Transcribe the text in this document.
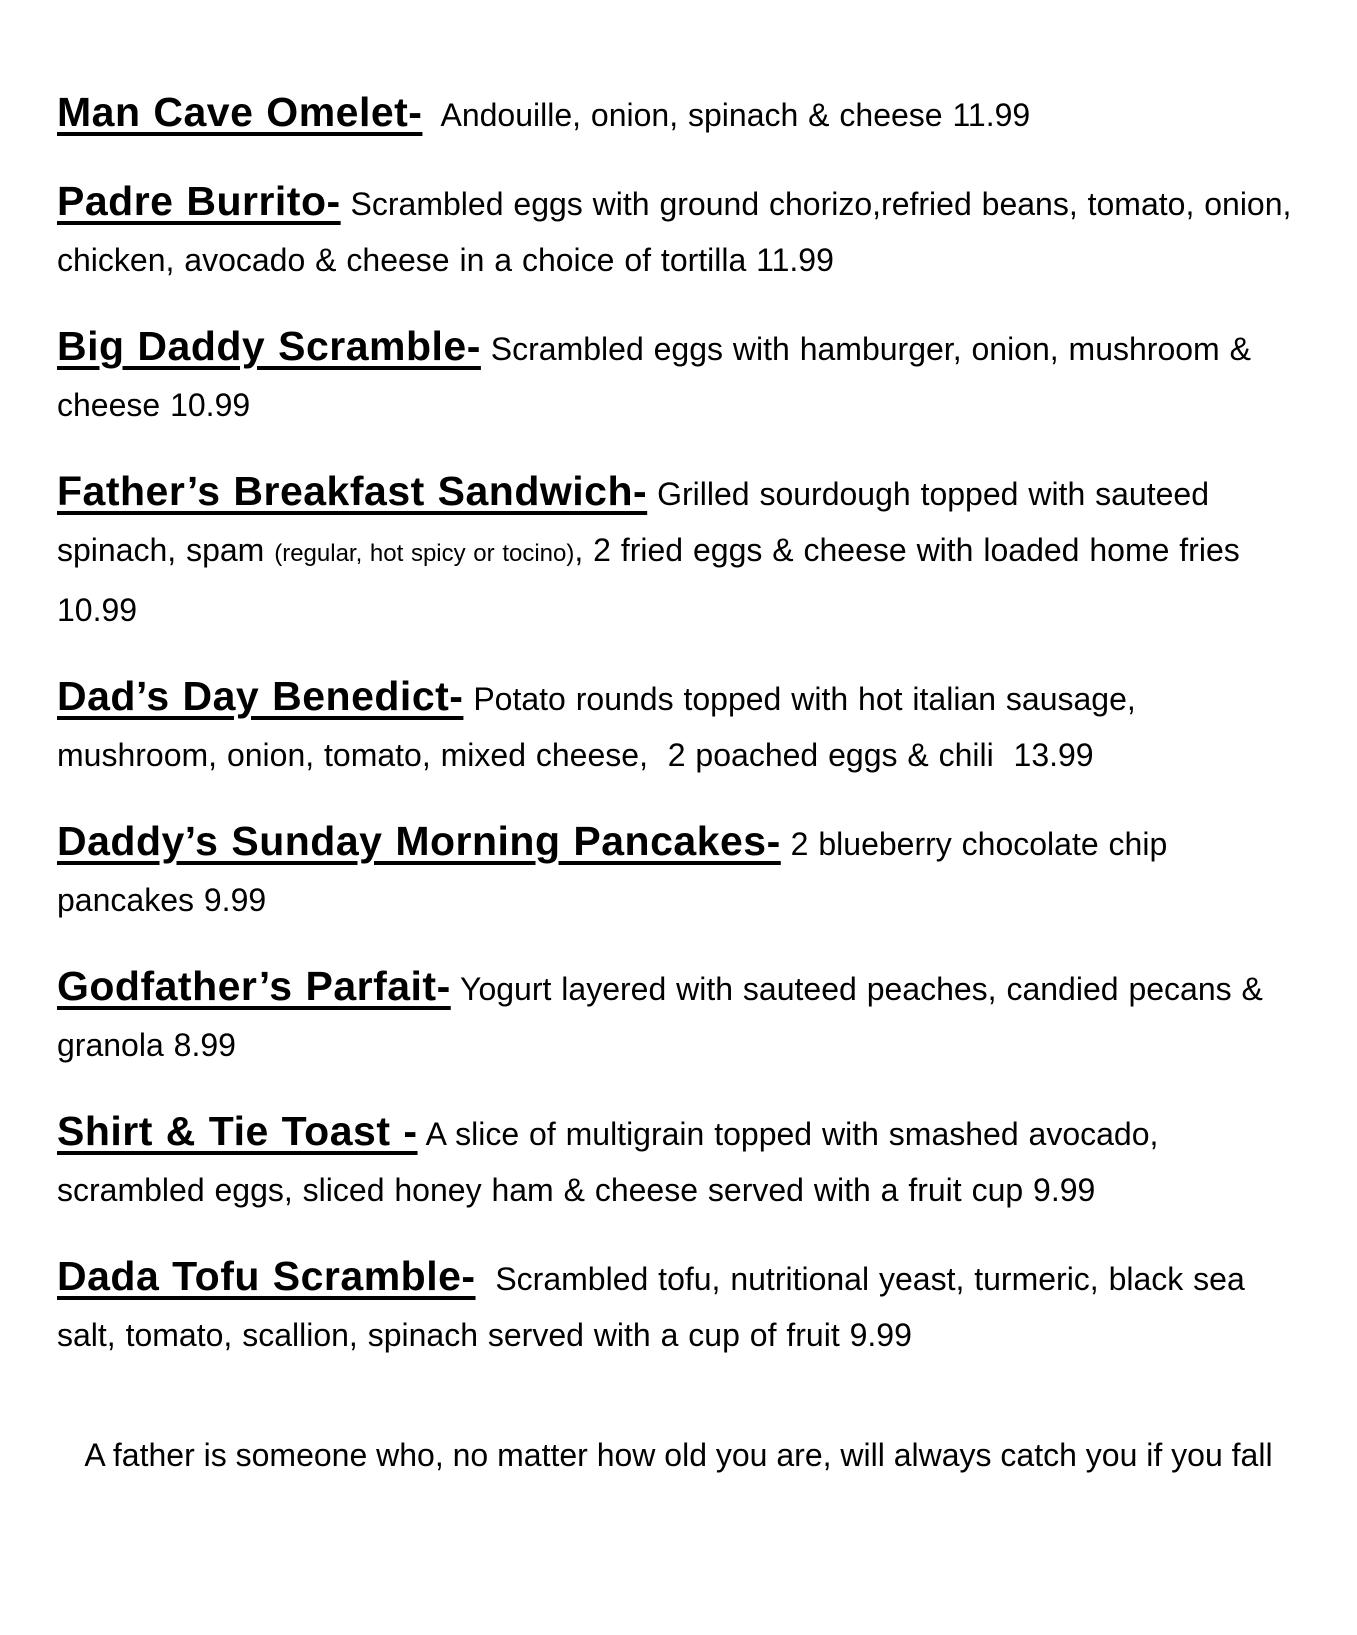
Man Cave Omelet-  Andouille, onion, spinach & cheese 11.99

Padre Burrito- Scrambled eggs with ground chorizo,refried beans, tomato, onion, chicken, avocado & cheese in a choice of tortilla 11.99

Big Daddy Scramble- Scrambled eggs with hamburger, onion, mushroom & cheese 10.99

Father’s Breakfast Sandwich- Grilled sourdough topped with sauteed spinach, spam (regular, hot spicy or tocino), 2 fried eggs & cheese with loaded home fries 10.99

Dad’s Day Benedict- Potato rounds topped with hot italian sausage, mushroom, onion, tomato, mixed cheese,  2 poached eggs & chili  13.99

Daddy’s Sunday Morning Pancakes- 2 blueberry chocolate chip pancakes 9.99

Godfather’s Parfait- Yogurt layered with sauteed peaches, candied pecans & granola 8.99

Shirt & Tie Toast - A slice of multigrain topped with smashed avocado, scrambled eggs, sliced honey ham & cheese served with a fruit cup 9.99

Dada Tofu Scramble-  Scrambled tofu, nutritional yeast, turmeric, black sea salt, tomato, scallion, spinach served with a cup of fruit 9.99

A father is someone who, no matter how old you are, will always catch you if you fall
